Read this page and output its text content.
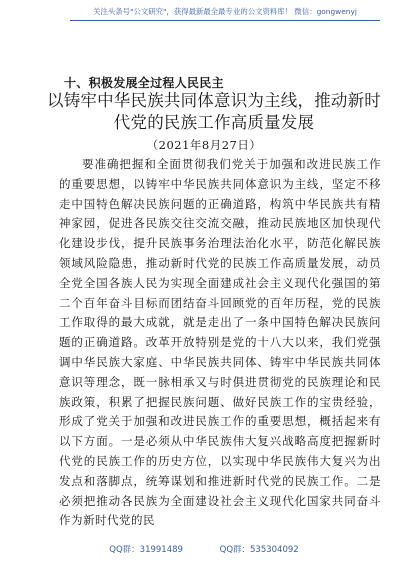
关注头条号"公文研究"，获得最新最全最专业的公文资料库！ 微信：gongwenyj
十、积极发展全过程人民民主
以铸牢中华民族共同体意识为主线，推动新时代党的民族工作高质量发展
（2021年8月27日）

要准确把握和全面贯彻我们党关于加强和改进民族工作的重要思想，以铸牢中华民族共同体意识为主线，坚定不移走中国特色解决民族问题的正确道路，构筑中华民族共有精神家园，促进各民族交往交流交融，推动民族地区加快现代化建设步伐，提升民族事务治理法治化水平，防范化解民族领域风险隐患，推动新时代党的民族工作高质量发展，动员全党全国各族人民为实现全面建成社会主义现代化强国的第二个百年奋斗目标而团结奋斗回顾党的百年历程，党的民族工作取得的最大成就，就是走出了一条中国特色解决民族问题的正确道路。改革开放特别是党的十八大以来，我们党强调中华民族大家庭、中华民族共同体、铸牢中华民族共同体意识等理念，既一脉相承又与时俱进贯彻党的民族理论和民族政策，积累了把握民族问题、做好民族工作的宝贵经验，形成了党关于加强和改进民族工作的重要思想，概括起来有以下方面。一是必须从中华民族伟大复兴战略高度把握新时代党的民族工作的历史方位，以实现中华民族伟大复兴为出发点和落脚点，统筹谋划和推进新时代党的民族工作。二是必须把推动各民族为全面建设社会主义现代化国家共同奋斗作为新时代党的民

QQ群：31991489	QQ群：535304092
